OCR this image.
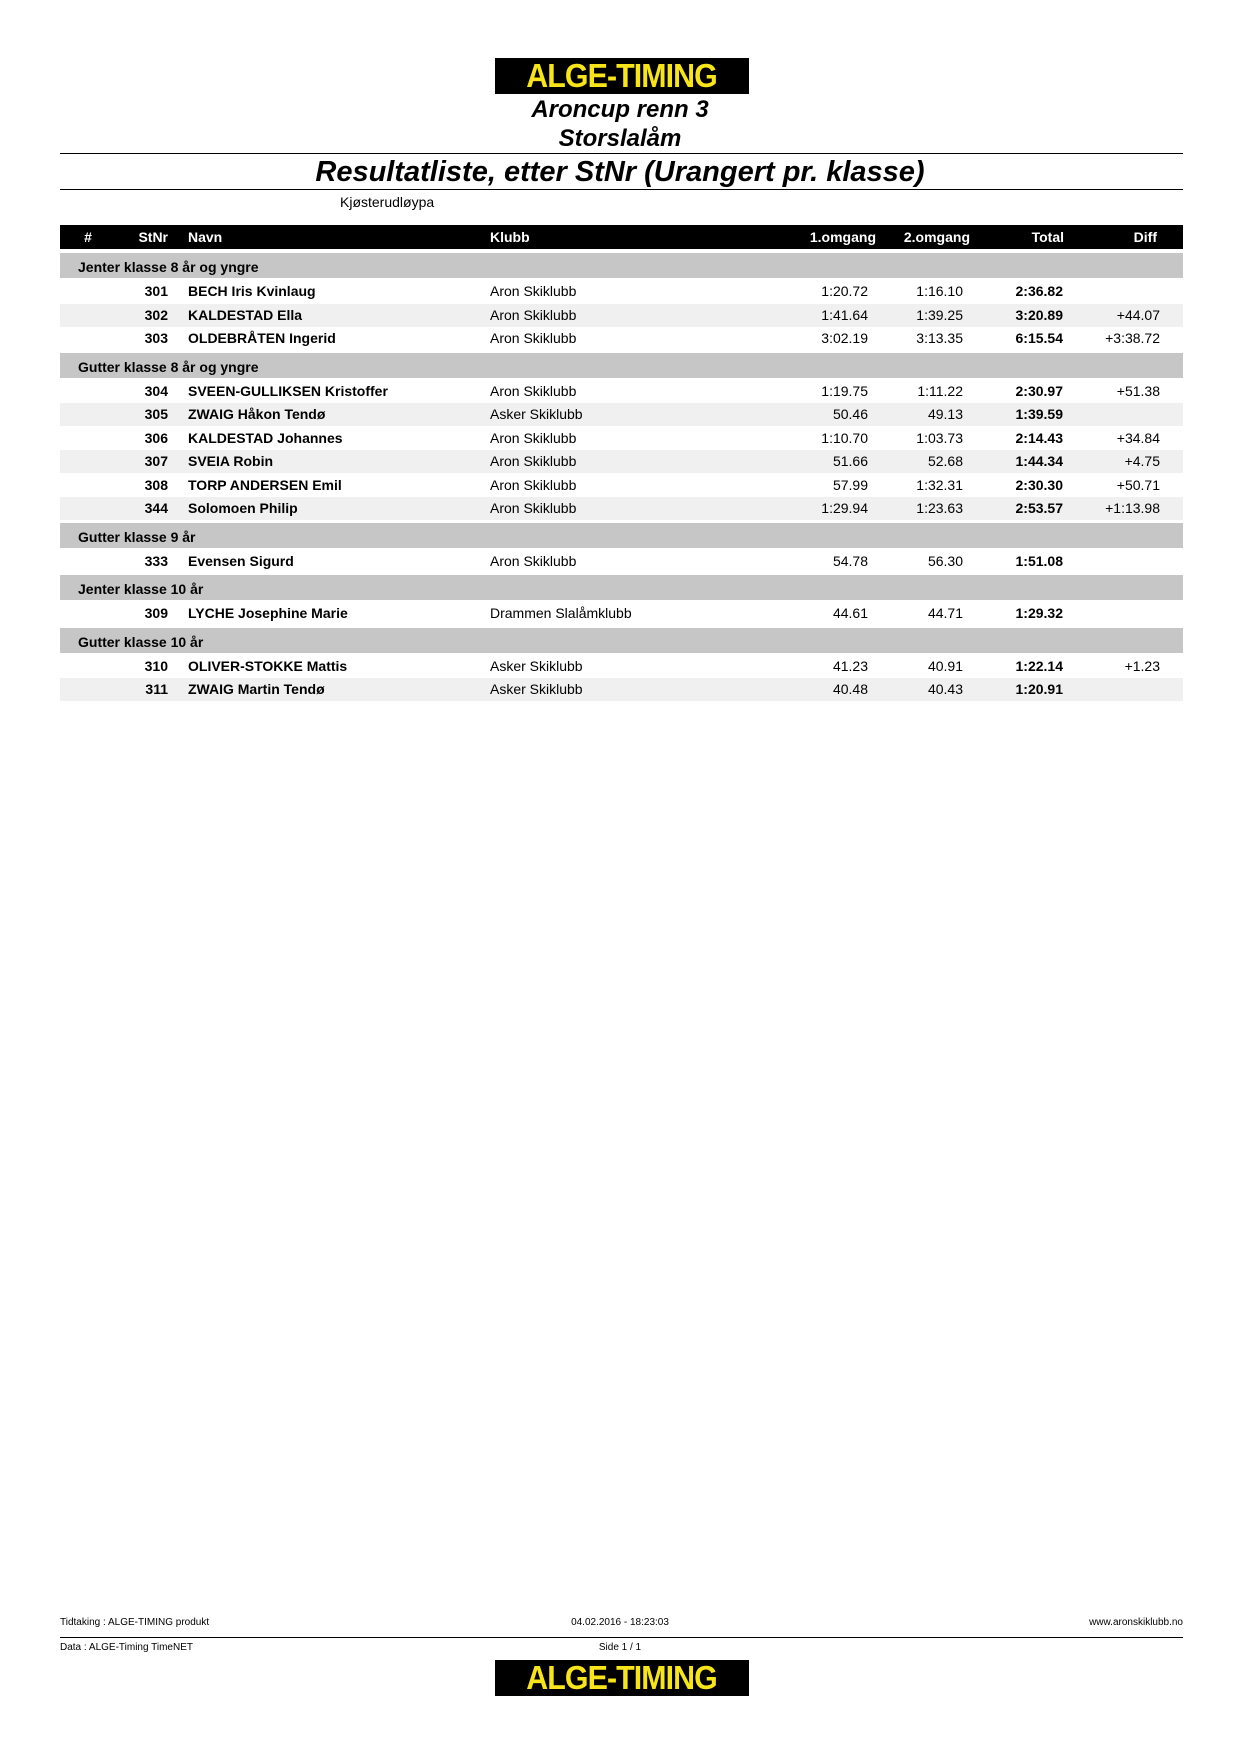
ALGE-TIMING
Aroncup renn 3
Storslalåm
Resultatliste, etter StNr (Urangert pr. klasse)
Kjøsterudløypa
#	StNr Navn	Klubb	1.omgang	2.omgang	Total	Diff
Jenter klasse 8 år og yngre
301 BECH Iris Kvinlaug	Aron Skiklubb	1:20.72	1:16.10	2:36.82
302 KALDESTAD Ella	Aron Skiklubb	1:41.64	1:39.25	3:20.89	+44.07
303 OLDEBRÅTEN Ingerid	Aron Skiklubb	3:02.19	3:13.35	6:15.54	+3:38.72
Gutter klasse 8 år og yngre
304 SVEEN-GULLIKSEN Kristoffer	Aron Skiklubb	1:19.75	1:11.22	2:30.97	+51.38
305 ZWAIG Håkon Tendø	Asker Skiklubb	50.46	49.13	1:39.59
306 KALDESTAD Johannes	Aron Skiklubb	1:10.70	1:03.73	2:14.43	+34.84
307 SVEIA Robin	Aron Skiklubb	51.66	52.68	1:44.34	+4.75
308 TORP ANDERSEN Emil	Aron Skiklubb	57.99	1:32.31	2:30.30	+50.71
344 Solomoen Philip	Aron Skiklubb	1:29.94	1:23.63	2:53.57	+1:13.98
Gutter klasse 9 år
333 Evensen Sigurd	Aron Skiklubb	54.78	56.30	1:51.08
Jenter klasse 10 år
309 LYCHE Josephine Marie	Drammen Slalåmklubb	44.61	44.71	1:29.32
Gutter klasse 10 år
310 OLIVER-STOKKE Mattis	Asker Skiklubb	41.23	40.91	1:22.14	+1.23
311 ZWAIG Martin Tendø	Asker Skiklubb	40.48	40.43	1:20.91
Tidtaking : ALGE-TIMING produkt	04.02.2016 - 18:23:03	www.aronskiklubb.no
Data : ALGE-Timing TimeNET	Side 1 / 1
ALGE-TIMING
